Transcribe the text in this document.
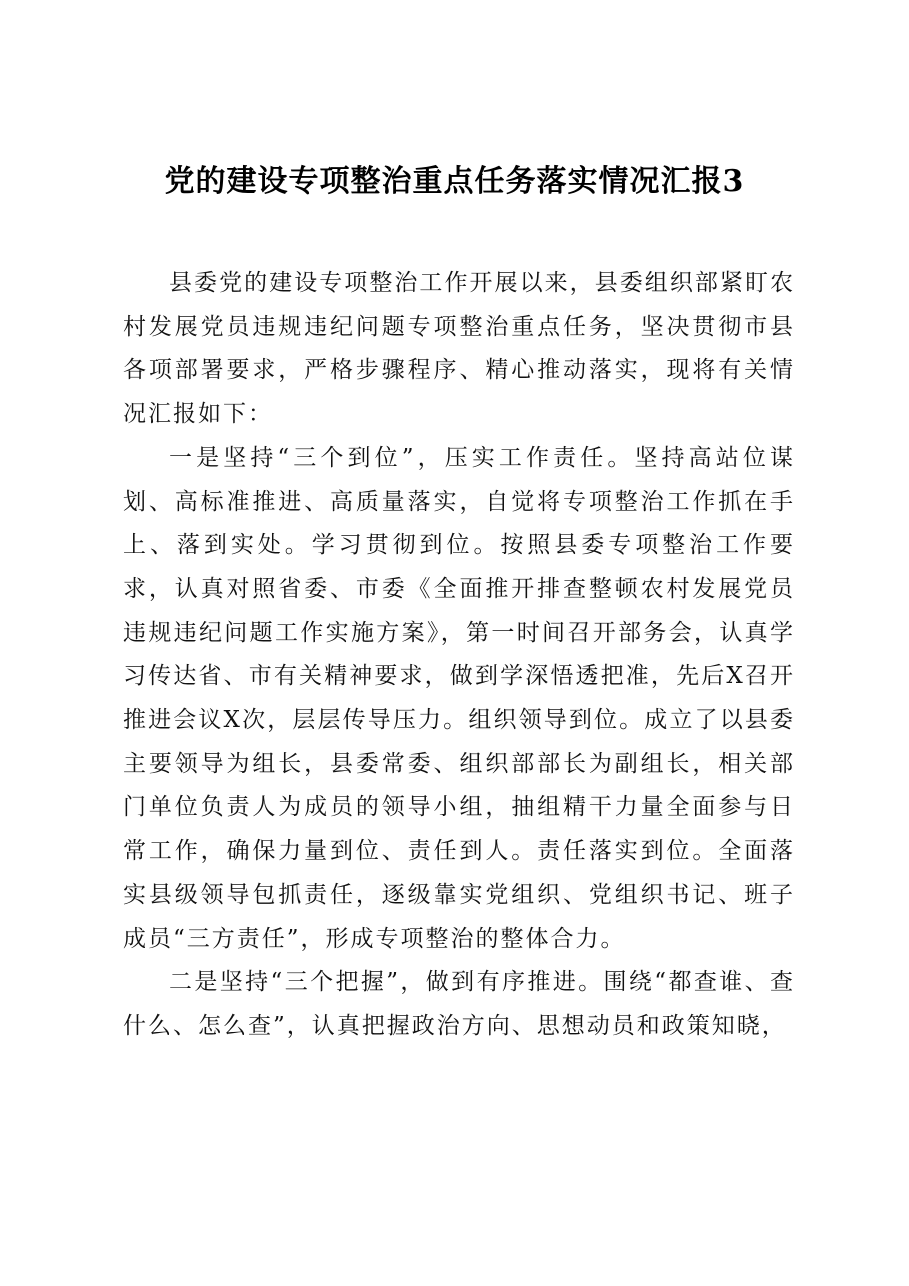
党的建设专项整治重点任务落实情况汇报3

县委党的建设专项整治工作开展以来，县委组织部紧盯农村发展党员违规违纪问题专项整治重点任务，坚决贯彻市县各项部署要求，严格步骤程序、精心推动落实，现将有关情况汇报如下：

一是坚持“三个到位”，压实工作责任。坚持高站位谋划、高标准推进、高质量落实，自觉将专项整治工作抓在手上、落到实处。学习贯彻到位。按照县委专项整治工作要求，认真对照省委、市委《全面推开排查整顿农村发展党员违规违纪问题工作实施方案》，第一时间召开部务会，认真学习传达省、市有关精神要求，做到学深悟透把准，先后X召开推进会议X次，层层传导压力。组织领导到位。成立了以县委主要领导为组长，县委常委、组织部部长为副组长，相关部门单位负责人为成员的领导小组，抽组精干力量全面参与日常工作，确保力量到位、责任到人。责任落实到位。全面落实县级领导包抓责任，逐级靠实党组织、党组织书记、班子成员“三方责任”，形成专项整治的整体合力。

二是坚持“三个把握”，做到有序推进。围绕“都查谁、查什么、怎么查”，认真把握政治方向、思想动员和政策知晓，
